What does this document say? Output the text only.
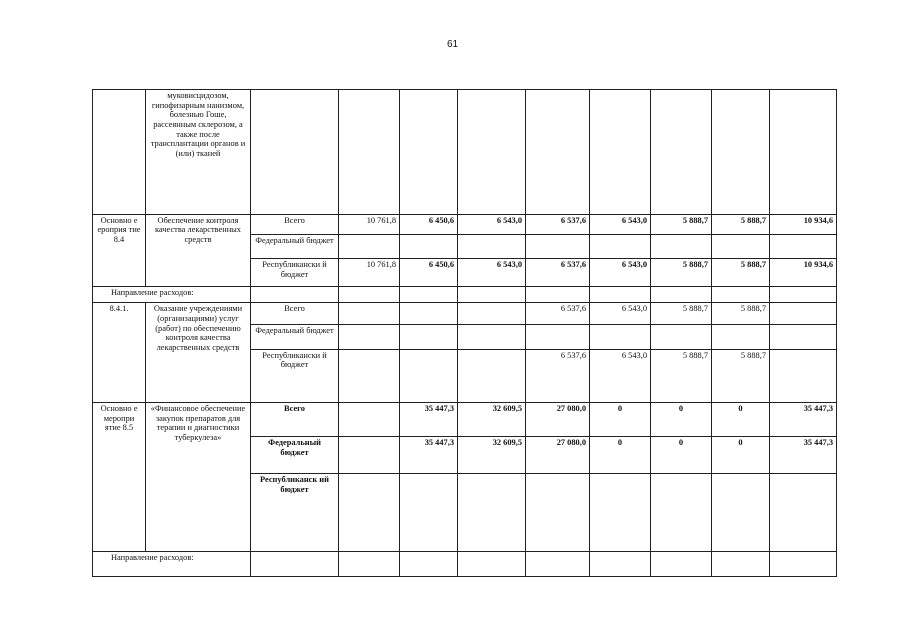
61
	муковисцидозом, гипофизарным нанизмом, болезнью Гоше, рассеянным склерозом, а также после трансплантации органов и (или) тканей									
Основно е ероприя тие 8.4	Обеспечение контроля качества лекарственных средств	Всего	10 761,8	6 450,6	6 543,0	6 537,6	6 543,0	5 888,7	5 888,7	10 934,6
		Федеральный бюджет								
		Республикански й бюджет	10 761,8	6 450,6	6 543,0	6 537,6	6 543,0	5 888,7	5 888,7	10 934,6
Направление расходов:										
8.4.1.	Оказание учреждениями (организациями) услуг (работ) по обеспечению контроля качества лекарственных средств	Всего				6 537,6	6 543,0	5 888,7	5 888,7	
		Федеральный бюджет								
		Республикански й бюджет				6 537,6	6 543,0	5 888,7	5 888,7	
Основно е меропри ятие 8.5	«Финансовое обеспечение закупок препаратов для терапии и диагностики туберкулеза»	Всего		35 447,3	32 609,5	27 080,0	0	0	0	35 447,3
		Федеральный бюджет		35 447,3	32 609,5	27 080,0	0	0	0	35 447,3
		Республиканск ий бюджет								
Направление расходов:										
